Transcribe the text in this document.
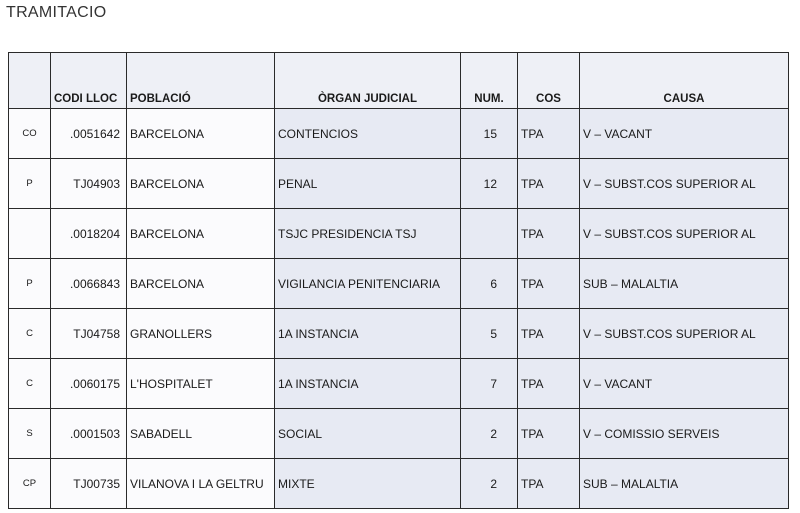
TRAMITACIO
	CODI LLOC	POBLACIÓ	ÒRGAN JUDICIAL	NUM.	COS	CAUSA
CO	.0051642	BARCELONA	CONTENCIOS	15	TPA	V – VACANT
P	TJ04903	BARCELONA	PENAL	12	TPA	V – SUBST.COS SUPERIOR AL
	.0018204	BARCELONA	TSJC PRESIDENCIA TSJ		TPA	V – SUBST.COS SUPERIOR AL
P	.0066843	BARCELONA	VIGILANCIA PENITENCIARIA	6	TPA	SUB – MALALTIA
C	TJ04758	GRANOLLERS	1A INSTANCIA	5	TPA	V – SUBST.COS SUPERIOR AL
C	.0060175	L'HOSPITALET	1A INSTANCIA	7	TPA	V – VACANT
S	.0001503	SABADELL	SOCIAL	2	TPA	V – COMISSIO SERVEIS
CP	TJ00735	VILANOVA I LA GELTRU	MIXTE	2	TPA	SUB – MALALTIA
